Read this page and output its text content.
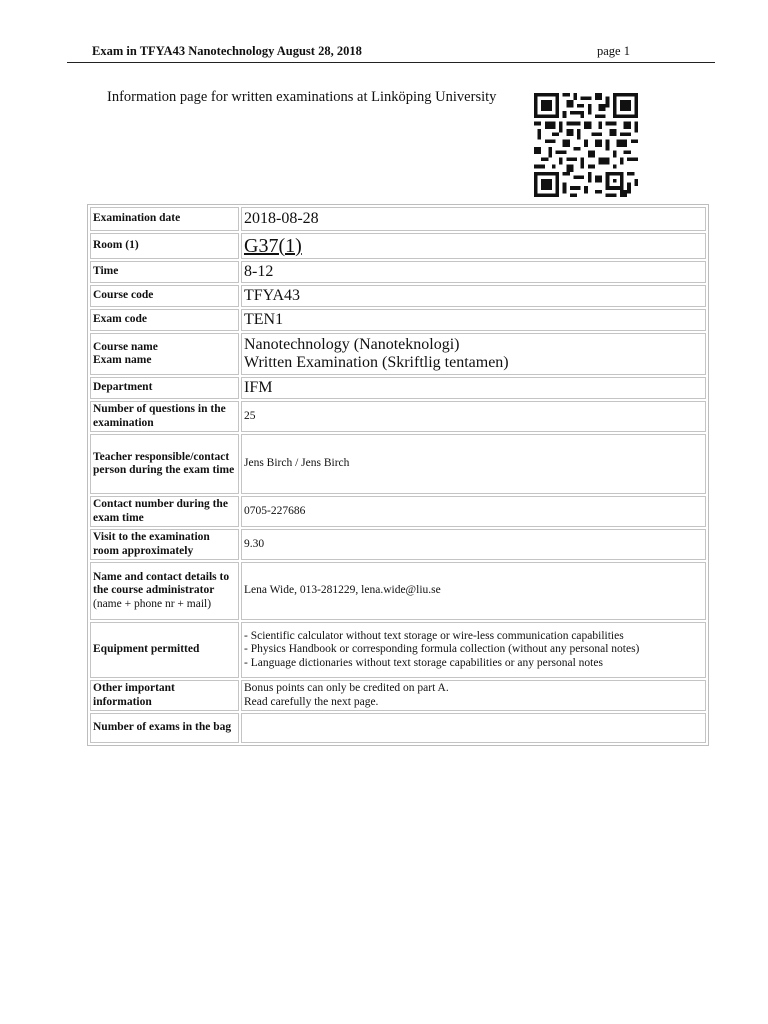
Exam in TFYA43 Nanotechnology August 28, 2018	page 1
Information page for written examinations at Linköping University
Examination date	2018-08-28
Room (1)	G37(1)
Time	8-12
Course code	TFYA43
Exam code	TEN1

Course name
Exam name	Nanotechnology (Nanoteknologi)
Written Examination (Skriftlig tentamen)

Department	IFM
Number of questions in the examination	25
Teacher responsible/contact person during the exam time	Jens Birch / Jens Birch
Contact number during the exam time	0705-227686
Visit to the examination room approximately	9.30

Name and contact details to the course administrator
(name + phone nr + mail)	Lena Wide, 013-281229, lena.wide@liu.se
Equipment permitted	- Scientific calculator without text storage or wire-less communication capabilities
- Physics Handbook or corresponding formula collection (without any personal notes)
- Language dictionaries without text storage capabilities or any personal notes

Other important information	Bonus points can only be credited on part A.
Read carefully the next page.

Number of exams in the bag	
